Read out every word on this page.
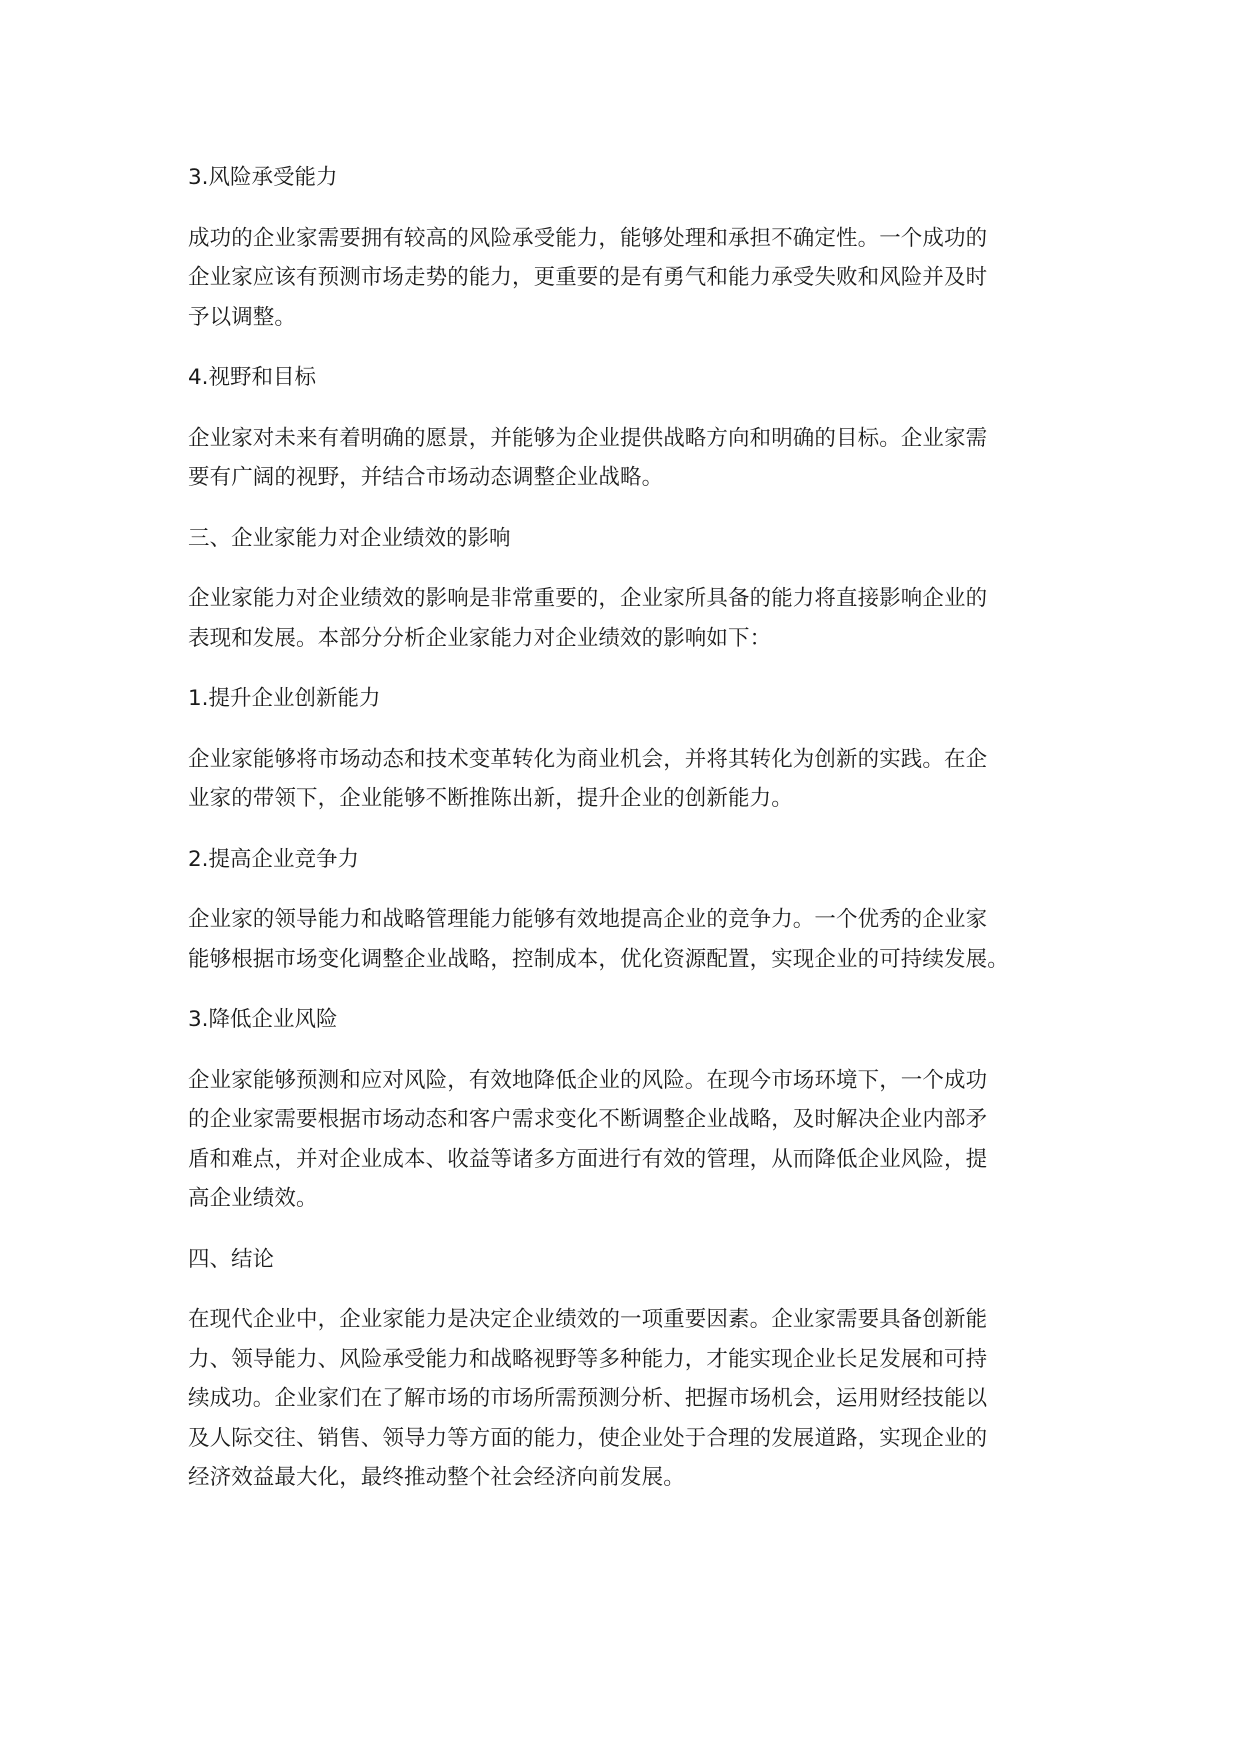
3.风险承受能力

成功的企业家需要拥有较高的风险承受能力，能够处理和承担不确定性。一个成功的
企业家应该有预测市场走势的能力，更重要的是有勇气和能力承受失败和风险并及时
予以调整。

4.视野和目标

企业家对未来有着明确的愿景，并能够为企业提供战略方向和明确的目标。企业家需
要有广阔的视野，并结合市场动态调整企业战略。

三、企业家能力对企业绩效的影响

企业家能力对企业绩效的影响是非常重要的，企业家所具备的能力将直接影响企业的
表现和发展。本部分分析企业家能力对企业绩效的影响如下：

1.提升企业创新能力

企业家能够将市场动态和技术变革转化为商业机会，并将其转化为创新的实践。在企
业家的带领下，企业能够不断推陈出新，提升企业的创新能力。

2.提高企业竞争力

企业家的领导能力和战略管理能力能够有效地提高企业的竞争力。一个优秀的企业家
能够根据市场变化调整企业战略，控制成本，优化资源配置，实现企业的可持续发展。

3.降低企业风险

企业家能够预测和应对风险，有效地降低企业的风险。在现今市场环境下，一个成功
的企业家需要根据市场动态和客户需求变化不断调整企业战略，及时解决企业内部矛
盾和难点，并对企业成本、收益等诸多方面进行有效的管理，从而降低企业风险，提
高企业绩效。

四、结论

在现代企业中，企业家能力是决定企业绩效的一项重要因素。企业家需要具备创新能
力、领导能力、风险承受能力和战略视野等多种能力，才能实现企业长足发展和可持
续成功。企业家们在了解市场的市场所需预测分析、把握市场机会，运用财经技能以
及人际交往、销售、领导力等方面的能力，使企业处于合理的发展道路，实现企业的
经济效益最大化，最终推动整个社会经济向前发展。
